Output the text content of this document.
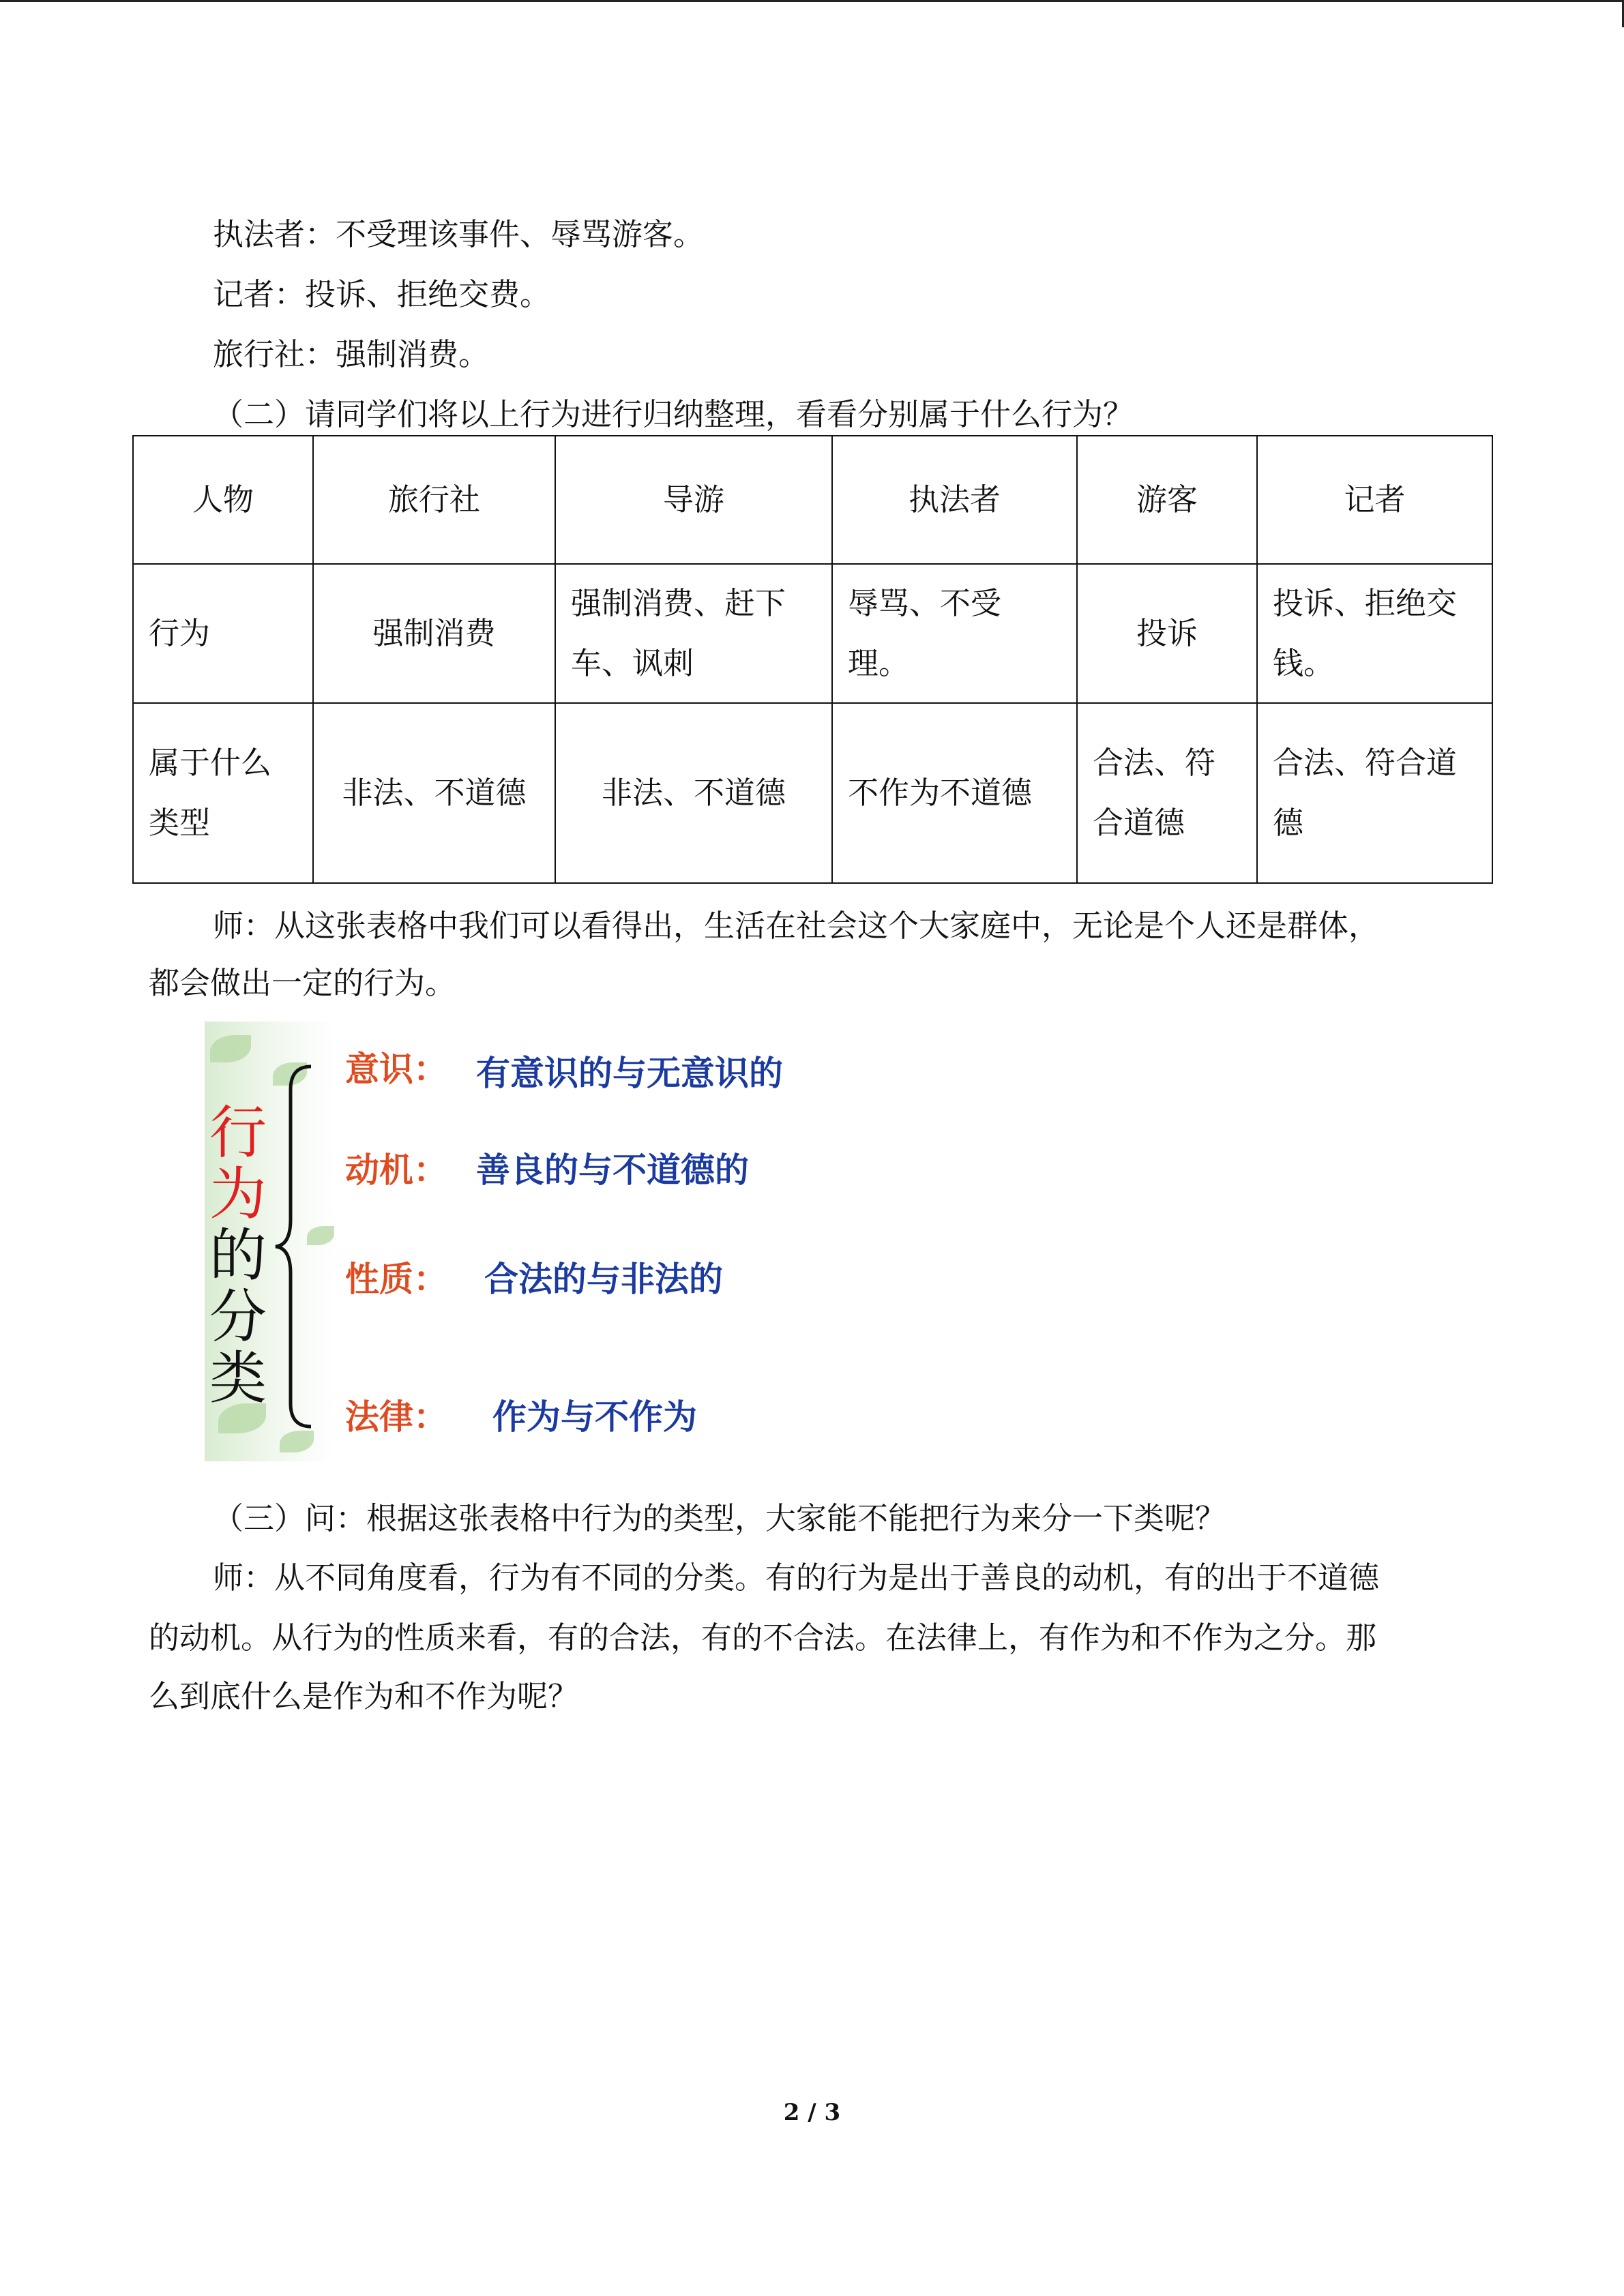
执法者：不受理该事件、辱骂游客。
记者：投诉、拒绝交费。
旅行社：强制消费。
（二）请同学们将以上行为进行归纳整理，看看分别属于什么行为？
人物	旅行社	导游	执法者	游客	记者
行为	强制消费	强制消费、赶下车、讽刺	辱骂、不受理。	投诉	投诉、拒绝交钱。
属于什么类型	非法、不道德	非法、不道德	不作为不道德	合法、符合道德	合法、符合道德
师：从这张表格中我们可以看得出，生活在社会这个大家庭中，无论是个人还是群体，
都会做出一定的行为。
行
为
的
分
类
意识： 有意识的与无意识的
动机： 善良的与不道德的
性质： 合法的与非法的
法律： 作为与不作为
（三）问：根据这张表格中行为的类型，大家能不能把行为来分一下类呢？
师：从不同角度看，行为有不同的分类。有的行为是出于善良的动机，有的出于不道德
的动机。从行为的性质来看，有的合法，有的不合法。在法律上，有作为和不作为之分。那
么到底什么是作为和不作为呢？
2 / 3
